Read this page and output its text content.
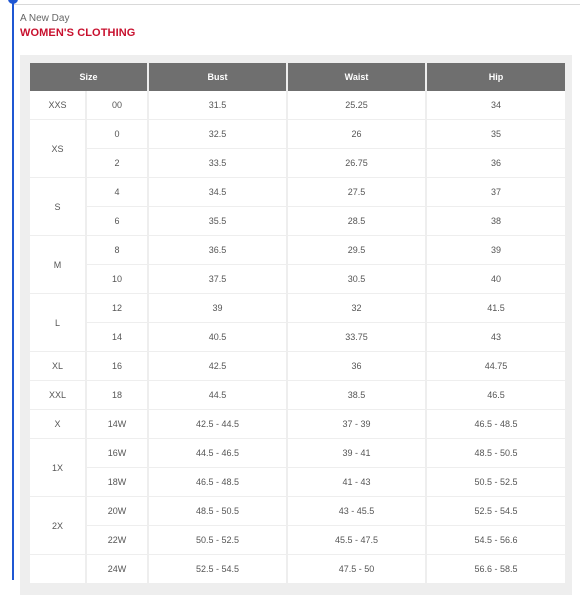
A New Day
WOMEN'S CLOTHING
Size		Bust	Waist	Hip
XXS	00	31.5	25.25	34
XS	0	32.5	26	35
	2	33.5	26.75	36
S	4	34.5	27.5	37
	6	35.5	28.5	38
M	8	36.5	29.5	39
	10	37.5	30.5	40
L	12	39	32	41.5
	14	40.5	33.75	43
XL	16	42.5	36	44.75
XXL	18	44.5	38.5	46.5
X	14W	42.5 - 44.5	37 - 39	46.5 - 48.5
1X	16W	44.5 - 46.5	39 - 41	48.5 - 50.5
	18W	46.5 - 48.5	41 - 43	50.5 - 52.5
2X	20W	48.5 - 50.5	43 - 45.5	52.5 - 54.5
	22W	50.5 - 52.5	45.5 - 47.5	54.5 - 56.6
	24W	52.5 - 54.5	47.5 - 50	56.6 - 58.5
